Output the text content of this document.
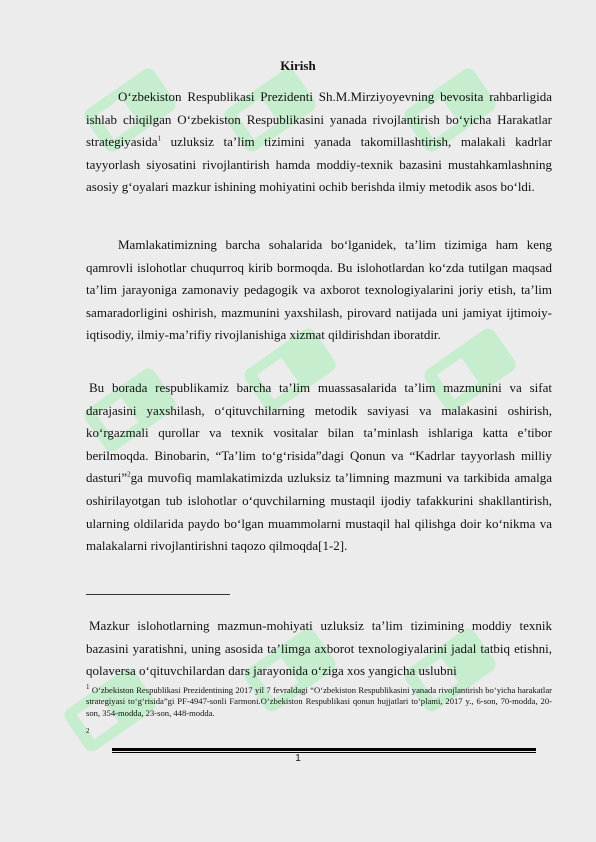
Kirish

O‘zbekiston Respublikasi Prezidenti Sh.M.Mirziyoyevning bevosita rahbarligida ishlab chiqilgan O‘zbekiston Respublikasini yanada rivojlantirish bo‘yicha Harakatlar strategiyasida$^1$ uzluksiz ta’lim tizimini yanada takomillashtirish, malakali kadrlar tayyorlash siyosatini rivojlantirish hamda moddiy-texnik bazasini mustahkamlashning asosiy g‘oyalari mazkur ishining mohiyatini ochib berishda ilmiy metodik asos bo‘ldi.

Mamlakatimizning barcha sohalarida bo‘lganidek, ta’lim tizimiga ham keng qamrovli islohotlar chuqurroq kirib bormoqda. Bu islohotlardan ko‘zda tutilgan maqsad ta’lim jarayoniga zamonaviy pedagogik va axborot texnologiyalarini joriy etish, ta’lim samaradorligini oshirish, mazmunini yaxshilash, pirovard natijada uni jamiyat ijtimoiy-iqtisodiy, ilmiy-ma’rifiy rivojlanishiga xizmat qildirishdan iboratdir.

Bu borada respublikamiz barcha ta’lim muassasalarida ta’lim mazmunini va sifat darajasini yaxshilash, o‘qituvchilarning metodik saviyasi va malakasini oshirish, ko‘rgazmali qurollar va texnik vositalar bilan ta’minlash ishlariga katta e’tibor berilmoqda. Binobarin, “Ta’lim to‘g‘risida”dagi Qonun va “Kadrlar tayyorlash milliy dasturi”$^2$ga muvofiq mamlakatimizda uzluksiz ta’limning mazmuni va tarkibida amalga oshirilayotgan tub islohotlar o‘quvchilarning mustaqil ijodiy tafakkurini shakllantirish, ularning oldilarida paydo bo‘lgan muammolarni mustaqil hal qilishga doir ko‘nikma va malakalarni rivojlantirishni taqozo qilmoqda[1-2].

Mazkur islohotlarning mazmun-mohiyati uzluksiz ta’lim tizimining moddiy texnik bazasini yaratishni, uning asosida ta’limga axborot texnologiyalarini jadal tatbiq etishni, qolaversa o‘qituvchilardan dars jarayonida o‘ziga xos yangicha uslubni

$^1$ O‘zbekiston Respublikasi Prezidentining 2017 yil 7 fevraldagi “O‘zbekiston Respublikasini yanada rivojlantirish bo‘yicha harakatlar strategiyasi to‘g‘risida”gi PF-4947-sonli Farmoni.O‘zbekiston Respublikasi qonun hujjatlari to‘plami, 2017 y., 6-son, 70-modda, 20-son, 354-modda, 23-son, 448-modda.

$^2$

1
